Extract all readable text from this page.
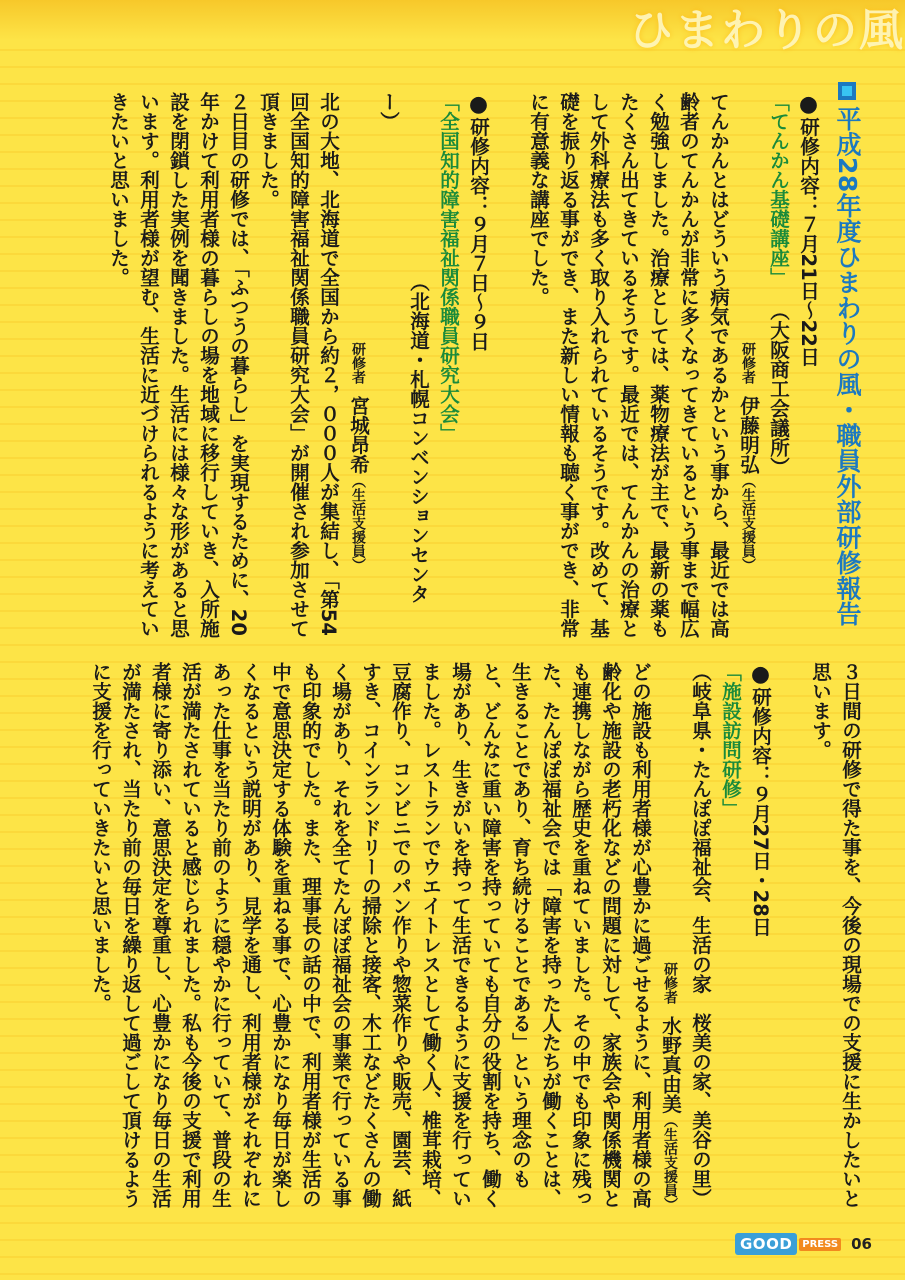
ひまわりの風
平成28年度ひまわりの風・職員外部研修報告
●研修内容：７月21日〜22日
「てんかん基礎講座」（大阪商工会議所）
研修者伊藤明弘（生活支援員）
てんかんとはどういう病気であるかという事から、最近では高齢者のてんかんが非常に多くなってきているという事まで幅広く勉強しました。治療としては、薬物療法が主で、最新の薬もたくさん出てきているそうです。最近では、てんかんの治療として外科療法も多く取り入れられているそうです。改めて、基礎を振り返る事ができ、また新しい情報も聴く事ができ、非常に有意義な講座でした。

●研修内容：９月７日〜９日
「全国知的障害福祉関係職員研究大会」
（北海道・札幌コンベンションセンター）
研修者宮城昂希（生活支援員）
北の大地、北海道で全国から約２，０００人が集結し、「第54回全国知的障害福祉関係職員研究大会」が開催され参加させて頂きました。
２日目の研修では、「ふつうの暮らし」を実現するために、20年かけて利用者様の暮らしの場を地域に移行していき、入所施設を閉鎖した実例を聞きました。生活には様々な形があると思います。利用者様が望む、生活に近づけられるように考えていきたいと思いました。
３日間の研修で得た事を、今後の現場での支援に生かしたいと思います。

●研修内容：９月27日・28日
「施設訪問研修」
（岐阜県・たんぽぽ福祉会、生活の家　桜美の家、美谷の里）
研修者水野真由美（生活支援員）
どの施設も利用者様が心豊かに過ごせるように、利用者様の高齢化や施設の老朽化などの問題に対して、家族会や関係機関とも連携しながら歴史を重ねていました。その中でも印象に残った、たんぽぽ福祉会では「障害を持った人たちが働くことは、生きることであり、育ち続けることである」という理念のもと、どんなに重い障害を持っていても自分の役割を持ち、働く場があり、生きがいを持って生活できるように支援を行っていました。レストランでウエイトレスとして働く人、椎茸栽培、豆腐作り、コンビニでのパン作りや惣菜作りや販売、園芸、紙すき、コインランドリーの掃除と接客、木工などたくさんの働く場があり、それを全てたんぽぽ福祉会の事業で行っている事も印象的でした。また、理事長の話の中で、利用者様が生活の中で意思決定する体験を重ねる事で、心豊かになり毎日が楽しくなるという説明があり、見学を通し、利用者様がそれぞれにあった仕事を当たり前のように穏やかに行っていて、普段の生活が満たされていると感じられました。私も今後の支援で利用者様に寄り添い、意思決定を尊重し、心豊かになり毎日の生活が満たされ、当たり前の毎日を繰り返して過ごして頂けるように支援を行っていきたいと思いました。
GOOD	PRESS 06
